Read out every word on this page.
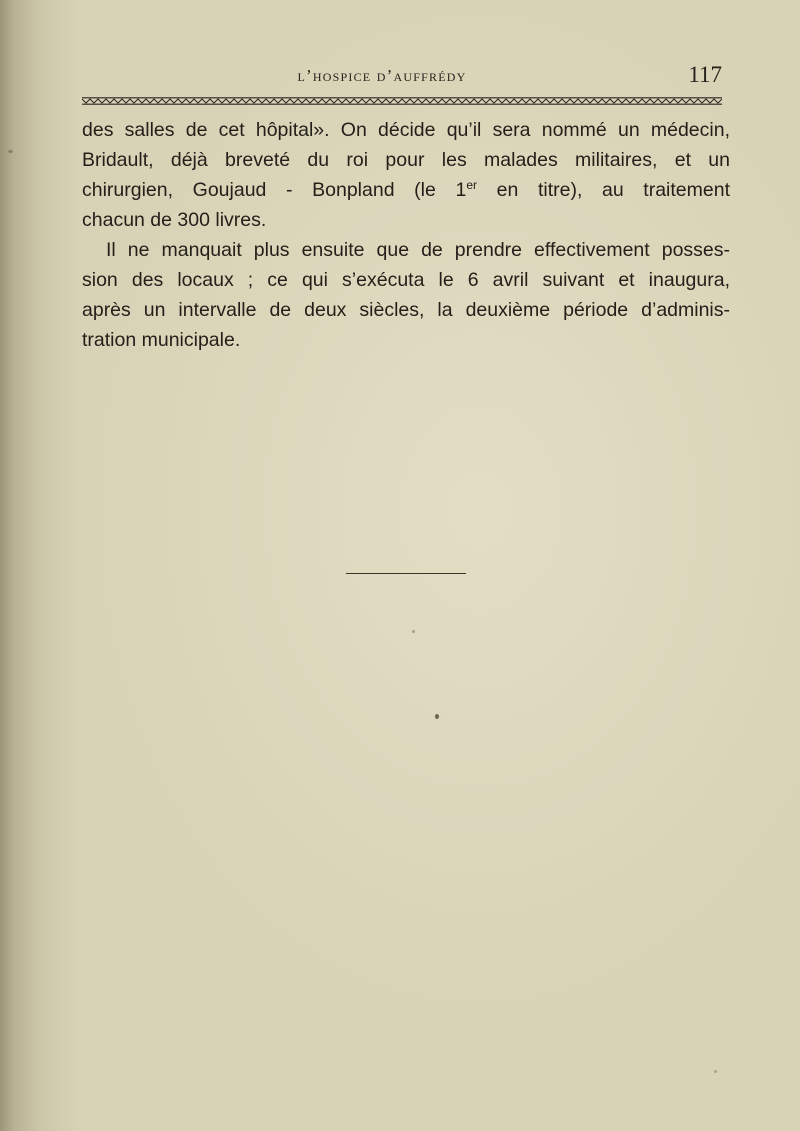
l’hospice d’auffrédy	117
des salles de cet hôpital». On décide qu’il sera nommé un médecin,
Bridault, déjà breveté du roi pour les malades militaires, et un
chirurgien, Goujaud - Bonpland (le 1er en titre), au traitement
chacun de 300 livres.
Il ne manquait plus ensuite que de prendre effectivement posses-
sion des locaux ; ce qui s’exécuta le 6 avril suivant et inaugura,
après un intervalle de deux siècles, la deuxième période d’adminis-
tration municipale.
